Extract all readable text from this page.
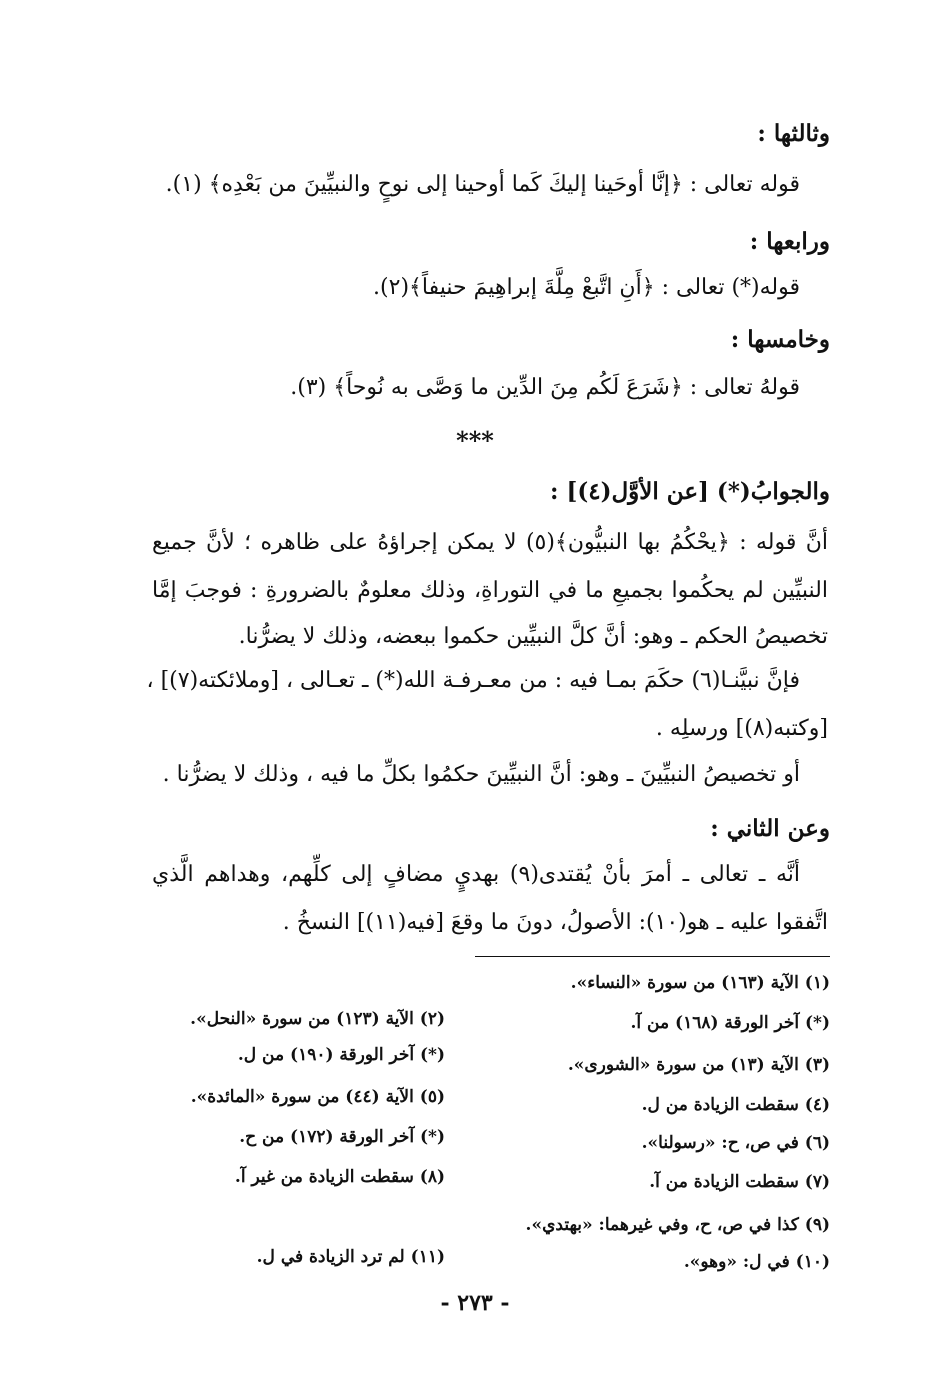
وثالثها :
قوله تعالى : ﴿إنَّا أوحَينا إليكَ كَما أوحينا إلى نوحٍ والنبيِّينَ من بَعْدِه﴾ (١).
ورابعها :
قوله(*) تعالى : ﴿أَنِ اتَّبعْ مِلَّةَ إبراهِيمَ حنيفاً﴾(٢).
وخامسها :
قولهُ تعالى : ﴿شَرَعَ لَكُم مِنَ الدِّين ما وَصَّى به نُوحاً﴾ (٣).
***
والجوابُ(*) [عن الأوَّل(٤)] :
أنَّ قوله : ﴿يحْكُمُ بها النبيُّون﴾(٥) لا يمكن إجراؤهُ على ظاهره ؛ لأنَّ جميع
النبيِّين لم يحكُموا بجميعِ ما في التوراةِ، وذلك معلومٌ بالضرورةِ : فوجبَ إمَّا
تخصيصُ الحكم ـ وهو: أنَّ كلَّ النبيِّين حكموا ببعضه، وذلك لا يضرُّنا.
فإنَّ نبيَّنـا(٦) حكَمَ بمـا فيه : من معـرفـة الله(*) ـ تعـالى ، [وملائكته(٧)] ،
[وكتبه(٨)] ورسلِه .
أو تخصيصُ النبيِّينَ ـ وهو: أنَّ النبيِّينَ حكمُوا بكلِّ ما فيه ، وذلك لا يضرُّنا .
وعن الثاني :
أنَّه ـ تعالى ـ أمرَ بأنْ يُقتدى(٩) بهديٍ مضافٍ إلى كلِّهم، وهداهم الَّذي
اتَّفقوا عليه ـ هو(١٠): الأصولُ، دونَ ما وقعَ [فيه(١١)] النسخُ .
(١) الآية (١٦٣) من سورة «النساء».
(*) آخر الورقة (١٦٨) من آ.
(٢) الآية (١٢٣) من سورة «النحل».
(٣) الآية (١٣) من سورة «الشورى».
(*) آخر الورقة (١٩٠) من ل.
(٤) سقطت الزيادة من ل.
(٥) الآية (٤٤) من سورة «المائدة».
(٦) في ص، ح: «رسولنا».
(*) آخر الورقة (١٧٢) من ح.
(٧) سقطت الزيادة من آ.
(٨) سقطت الزيادة من غير آ.
(٩) كذا في ص، ح، وفي غيرهما: «بهتدي».
(١٠) في ل: «وهو».
(١١) لم ترد الزيادة في ل.
- ٢٧٣ -
